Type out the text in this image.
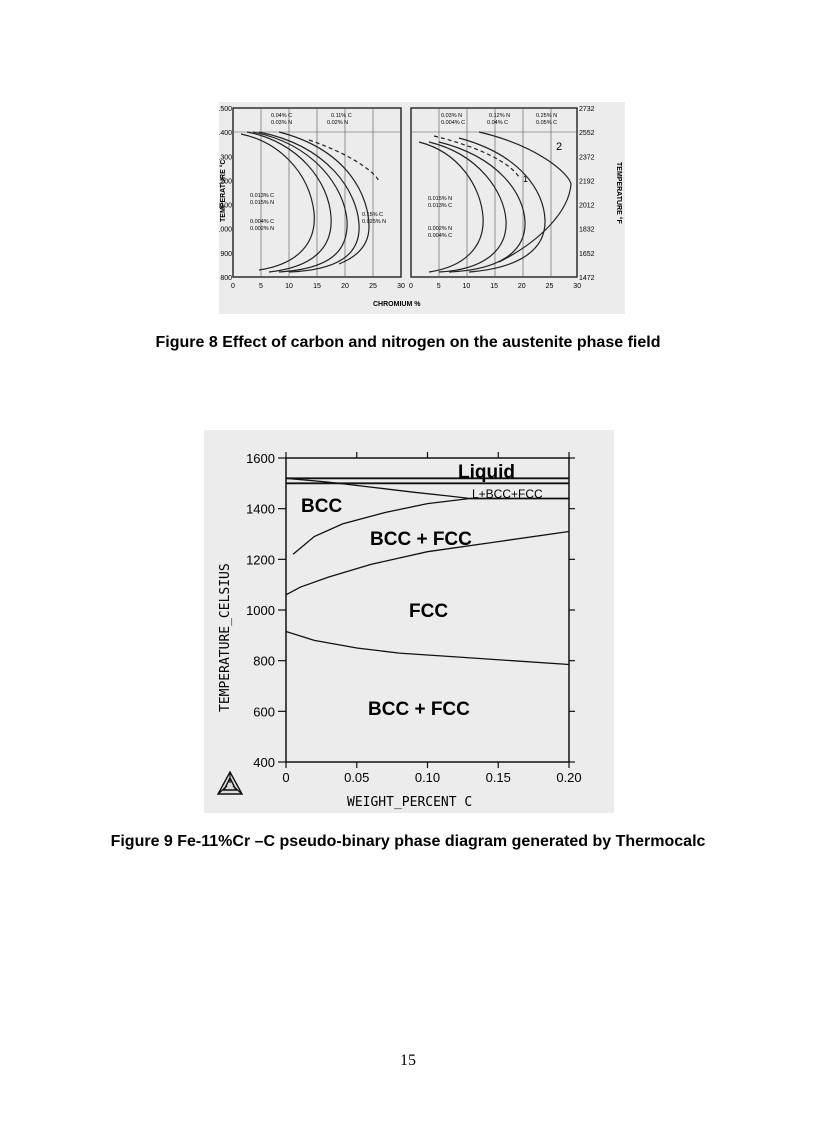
TEMPERATURE °C	TEMPERATURE °F
CHROMIUM %
500
400
300
200
100
000
900
800
2732
2552
2372
2192
2012
1832
1652
1472
0	5	10	15	20	25	30 0	5	10	15	20	25	30
0.04% C
0.03% N
0.11% C
0.02% N
0.013% C
0.015% N
0.004% C
0.002% N
0.15% C
0.025% N
0.03% N
0.004% C
0.12% N
0.04% C
0.25% N
0.05% C
0.015% N
0.013% C
0.002% N
0.004% C
1
2
Figure 8 Effect of carbon and nitrogen on the austenite phase field
400
600
800
1000
1200
1400
1600
0	0.05	0.10	0.15	0.20
TEMPERATURE_CELSIUS
WEIGHT_PERCENT C
Liquid
L+BCC+FCC
BCC
BCC + FCC
FCC
BCC + FCC
Figure 9 Fe-11%Cr –C pseudo-binary phase diagram generated by Thermocalc
15
